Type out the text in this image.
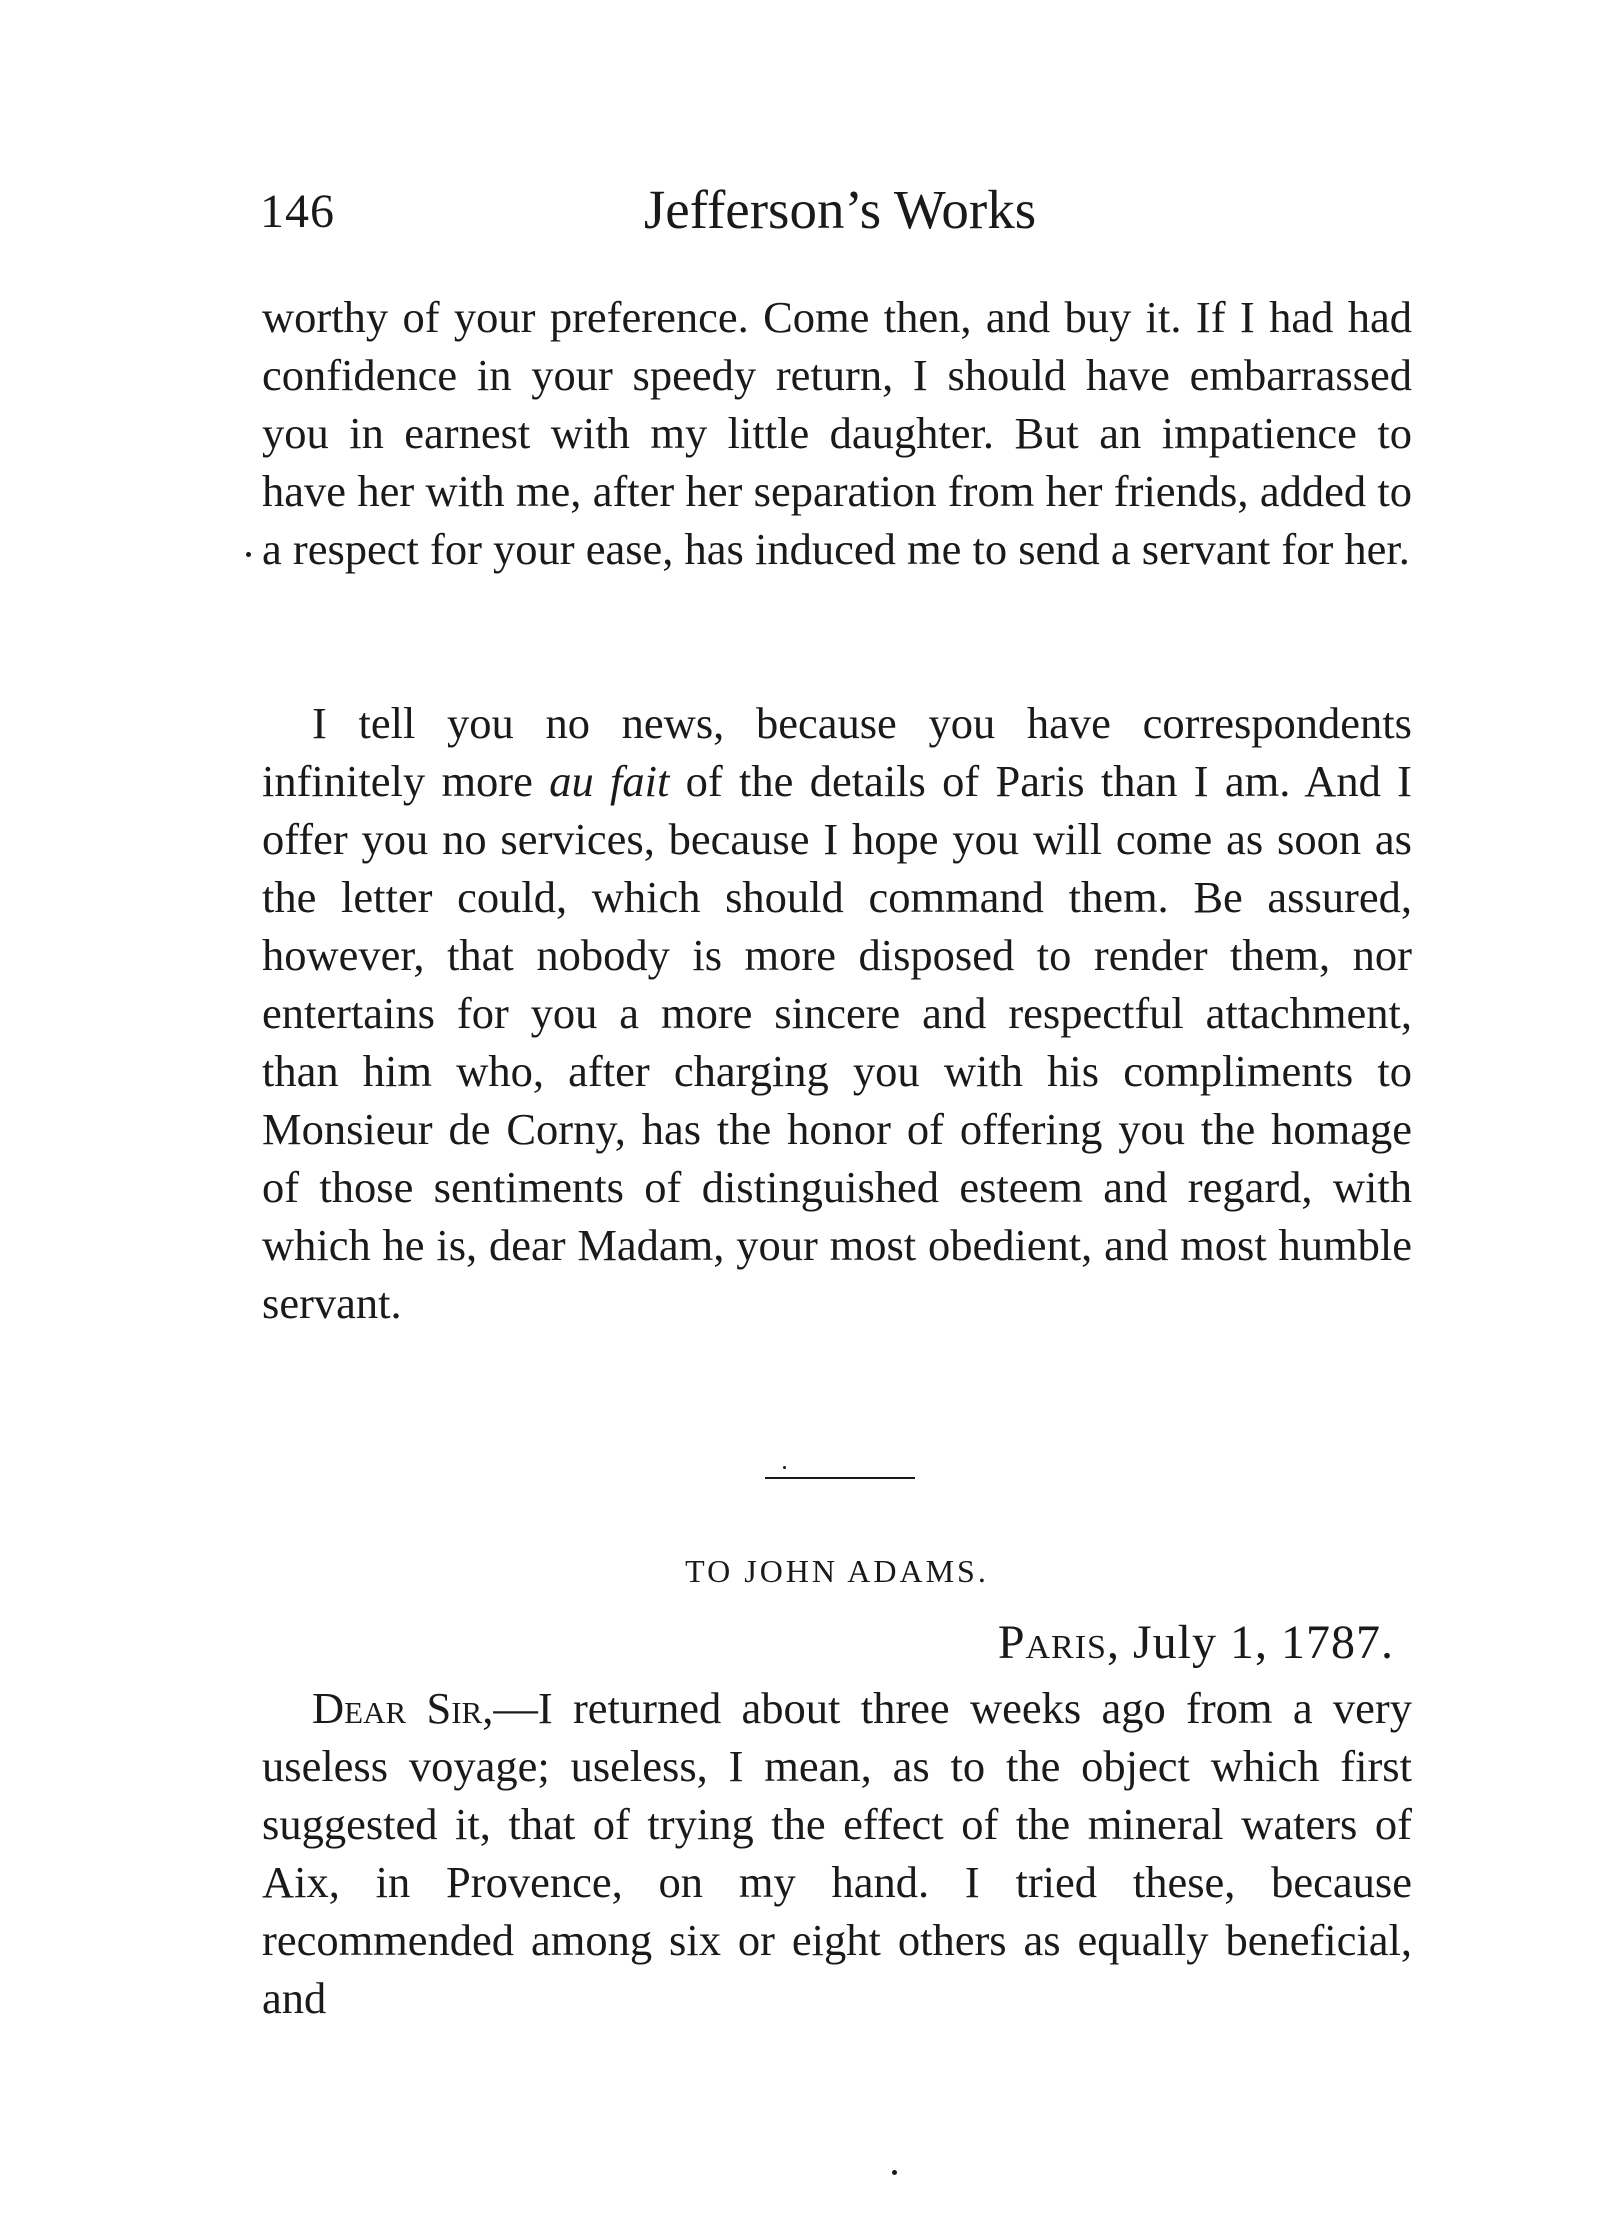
146	Jefferson’s Works

worthy of your preference. Come then, and buy it. If I had had confidence in your speedy return, I should have embarrassed you in earnest with my little daughter. But an impatience to have her with me, after her separation from her friends, added to a respect for your ease, has induced me to send a servant for her.

I tell you no news, because you have correspondents infinitely more au fait of the details of Paris than I am. And I offer you no services, because I hope you will come as soon as the letter could, which should command them. Be assured, however, that nobody is more disposed to render them, nor entertains for you a more sincere and respectful attachment, than him who, after charging you with his compliments to Monsieur de Corny, has the honor of offering you the homage of those sentiments of distinguished esteem and regard, with which he is, dear Madam, your most obedient, and most humble servant.

TO JOHN ADAMS.
Paris, July 1, 1787.

Dear Sir,—I returned about three weeks ago from a very useless voyage; useless, I mean, as to the object which first suggested it, that of trying the effect of the mineral waters of Aix, in Provence, on my hand. I tried these, because recommended among six or eight others as equally beneficial, and
